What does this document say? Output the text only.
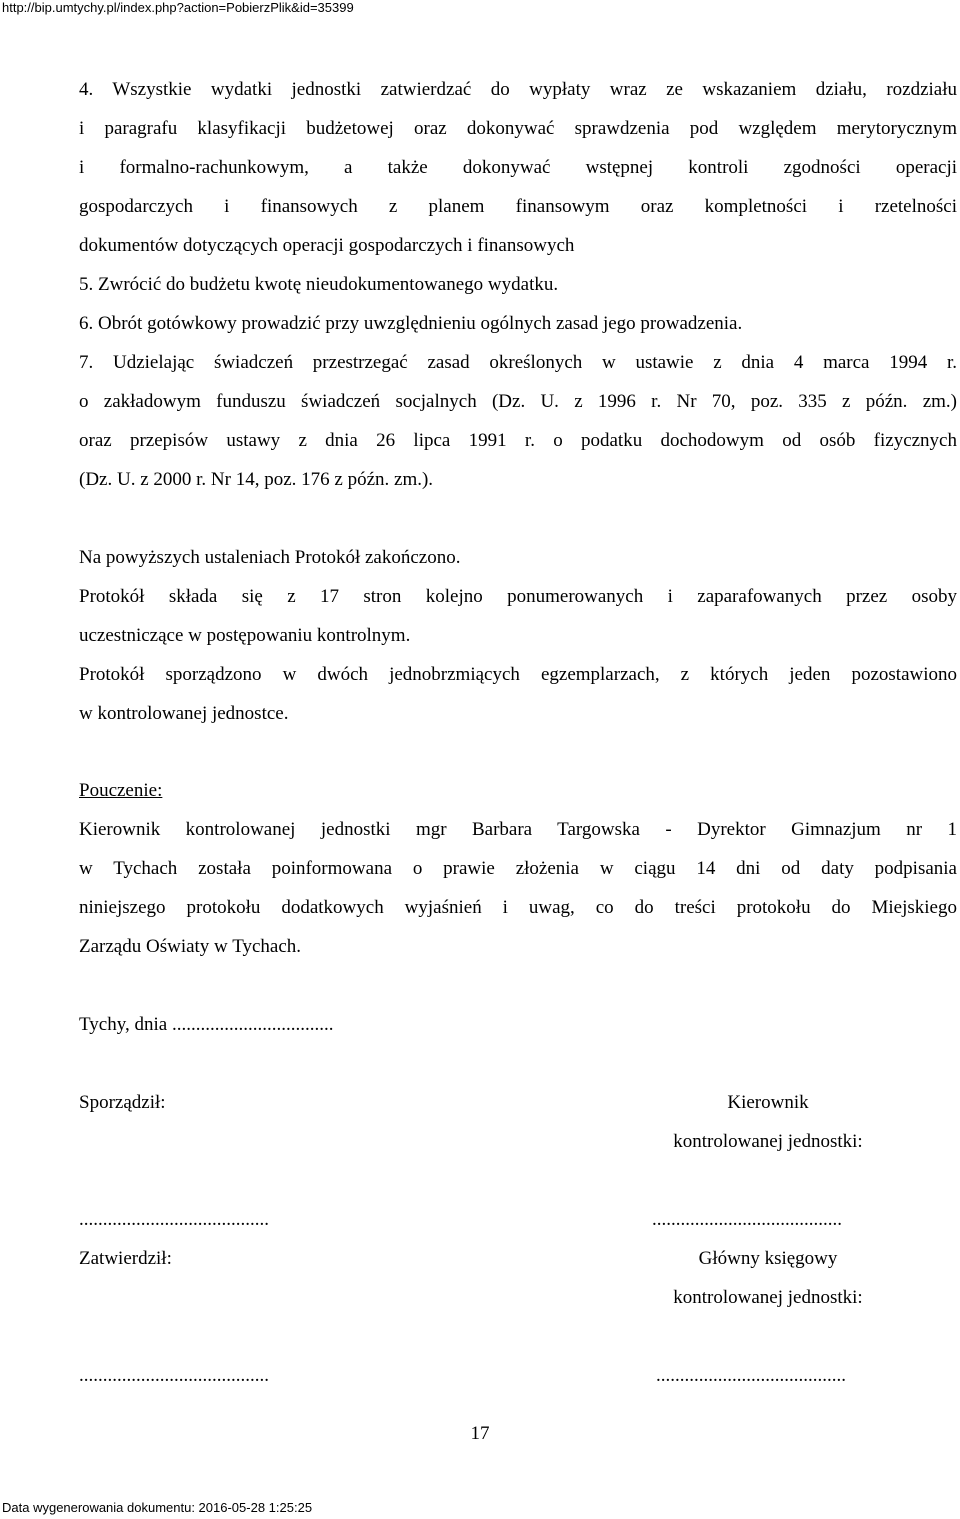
http://bip.umtychy.pl/index.php?action=PobierzPlik&id=35399
4. Wszystkie wydatki jednostki zatwierdzać do wypłaty wraz ze wskazaniem działu, rozdziału
i paragrafu klasyfikacji budżetowej oraz dokonywać sprawdzenia pod względem merytorycznym
i formalno-rachunkowym, a także dokonywać wstępnej kontroli zgodności operacji
gospodarczych i finansowych z planem finansowym oraz kompletności i rzetelności
dokumentów dotyczących operacji gospodarczych i finansowych
5. Zwrócić do budżetu kwotę nieudokumentowanego wydatku.
6. Obrót gotówkowy prowadzić przy uwzględnieniu ogólnych zasad jego prowadzenia.
7. Udzielając świadczeń przestrzegać zasad określonych w ustawie z dnia 4 marca 1994 r.
o zakładowym funduszu świadczeń socjalnych (Dz. U. z 1996 r. Nr 70, poz. 335 z późn. zm.)
oraz przepisów ustawy z dnia 26 lipca 1991 r. o podatku dochodowym od osób fizycznych
(Dz. U. z 2000 r. Nr 14, poz. 176 z późn. zm.).
Na powyższych ustaleniach Protokół zakończono.
Protokół składa się z 17 stron kolejno ponumerowanych i zaparafowanych przez osoby
uczestniczące w postępowaniu kontrolnym.
Protokół sporządzono w dwóch jednobrzmiących egzemplarzach, z których jeden pozostawiono
w kontrolowanej jednostce.
Pouczenie:
Kierownik kontrolowanej jednostki mgr Barbara Targowska - Dyrektor Gimnazjum nr 1
w Tychach została poinformowana o prawie złożenia w ciągu 14 dni od daty podpisania
niniejszego protokołu dodatkowych wyjaśnień i uwag, co do treści protokołu do Miejskiego
Zarządu Oświaty w Tychach.
Tychy, dnia ..................................
Sporządził:	Kierownik
kontrolowanej jednostki:
........................................	........................................
Zatwierdził:	Główny księgowy
kontrolowanej jednostki:
........................................	........................................
17
Data wygenerowania dokumentu: 2016-05-28 1:25:25
